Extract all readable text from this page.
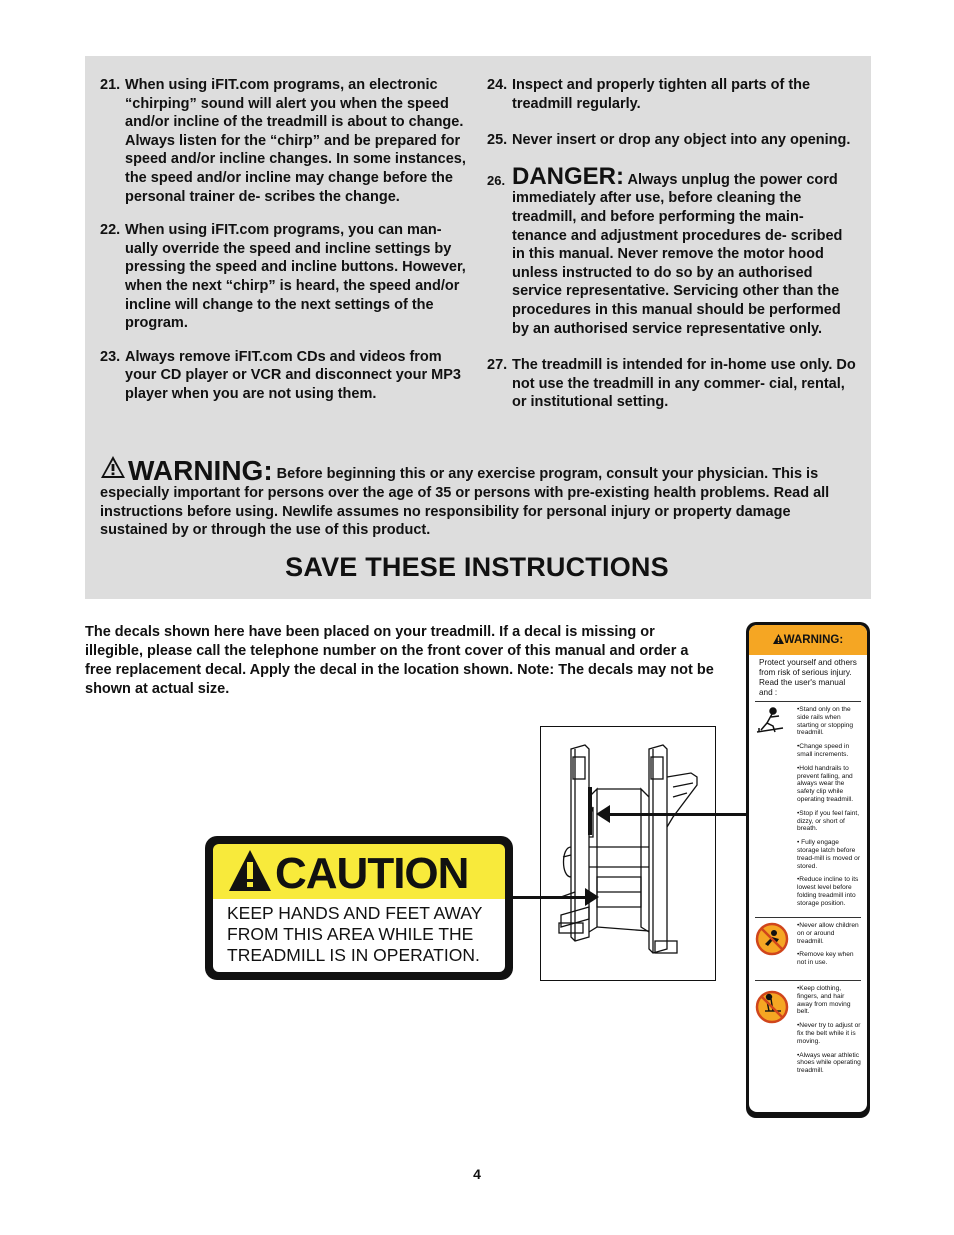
21. When using iFIT.com programs, an electronic “chirping” sound will alert you when the speed and/or incline of the treadmill is about to change. Always listen for the “chirp” and be prepared for speed and/or incline changes. In some instances, the speed and/or incline may change before the personal trainer de- scribes the change.
22. When using iFIT.com programs, you can man- ually override the speed and incline settings by pressing the speed and incline buttons. However, when the next “chirp” is heard, the speed and/or incline will change to the next settings of the program.
23. Always remove iFIT.com CDs and videos from your CD player or VCR and disconnect your MP3 player when you are not using them.
24. Inspect and properly tighten all parts of the treadmill regularly.
25. Never insert or drop any object into any opening.
26. DANGER: Always unplug the power cord immediately after use, before cleaning the treadmill, and before performing the main- tenance and adjustment procedures de- scribed in this manual. Never remove the motor hood unless instructed to do so by an authorised service representative. Servicing other than the procedures in this manual should be performed by an authorised service representative only.
27. The treadmill is intended for in-home use only. Do not use the treadmill in any commer- cial, rental, or institutional setting.
WARNING: Before beginning this or any exercise program, consult your physician. This is especially important for persons over the age of 35 or persons with pre-existing health problems. Read all instructions before using. Newlife assumes no responsibility for personal injury or property damage sustained by or through the use of this product.
SAVE THESE INSTRUCTIONS
The decals shown here have been placed on your treadmill. If a decal is missing or illegible, please call the telephone number on the front cover of this manual and order a free replacement decal. Apply the decal in the location shown. Note: The decals may not be shown at actual size.
CAUTION
KEEP HANDS AND FEET AWAY FROM THIS AREA WHILE THE TREADMILL IS IN OPERATION.
WARNING:
Protect yourself and others from risk of serious injury. Read the user's manual and :
•Stand only on the side rails when starting or stopping treadmill.
•Change speed in small increments.
•Hold handrails to prevent falling, and always wear the safety clip while operating treadmill.
•Stop if you feel faint, dizzy, or short of breath.
• Fully engage storage latch before tread-mill is moved or stored.
•Reduce incline to its lowest level before folding treadmill into storage position.
•Never allow children on or around treadmill.
•Remove key when not in use.
•Keep clothing, fingers, and hair away from moving belt.
•Never try to adjust or fix the belt while it is moving.
•Always wear athletic shoes while operating treadmill.
4
